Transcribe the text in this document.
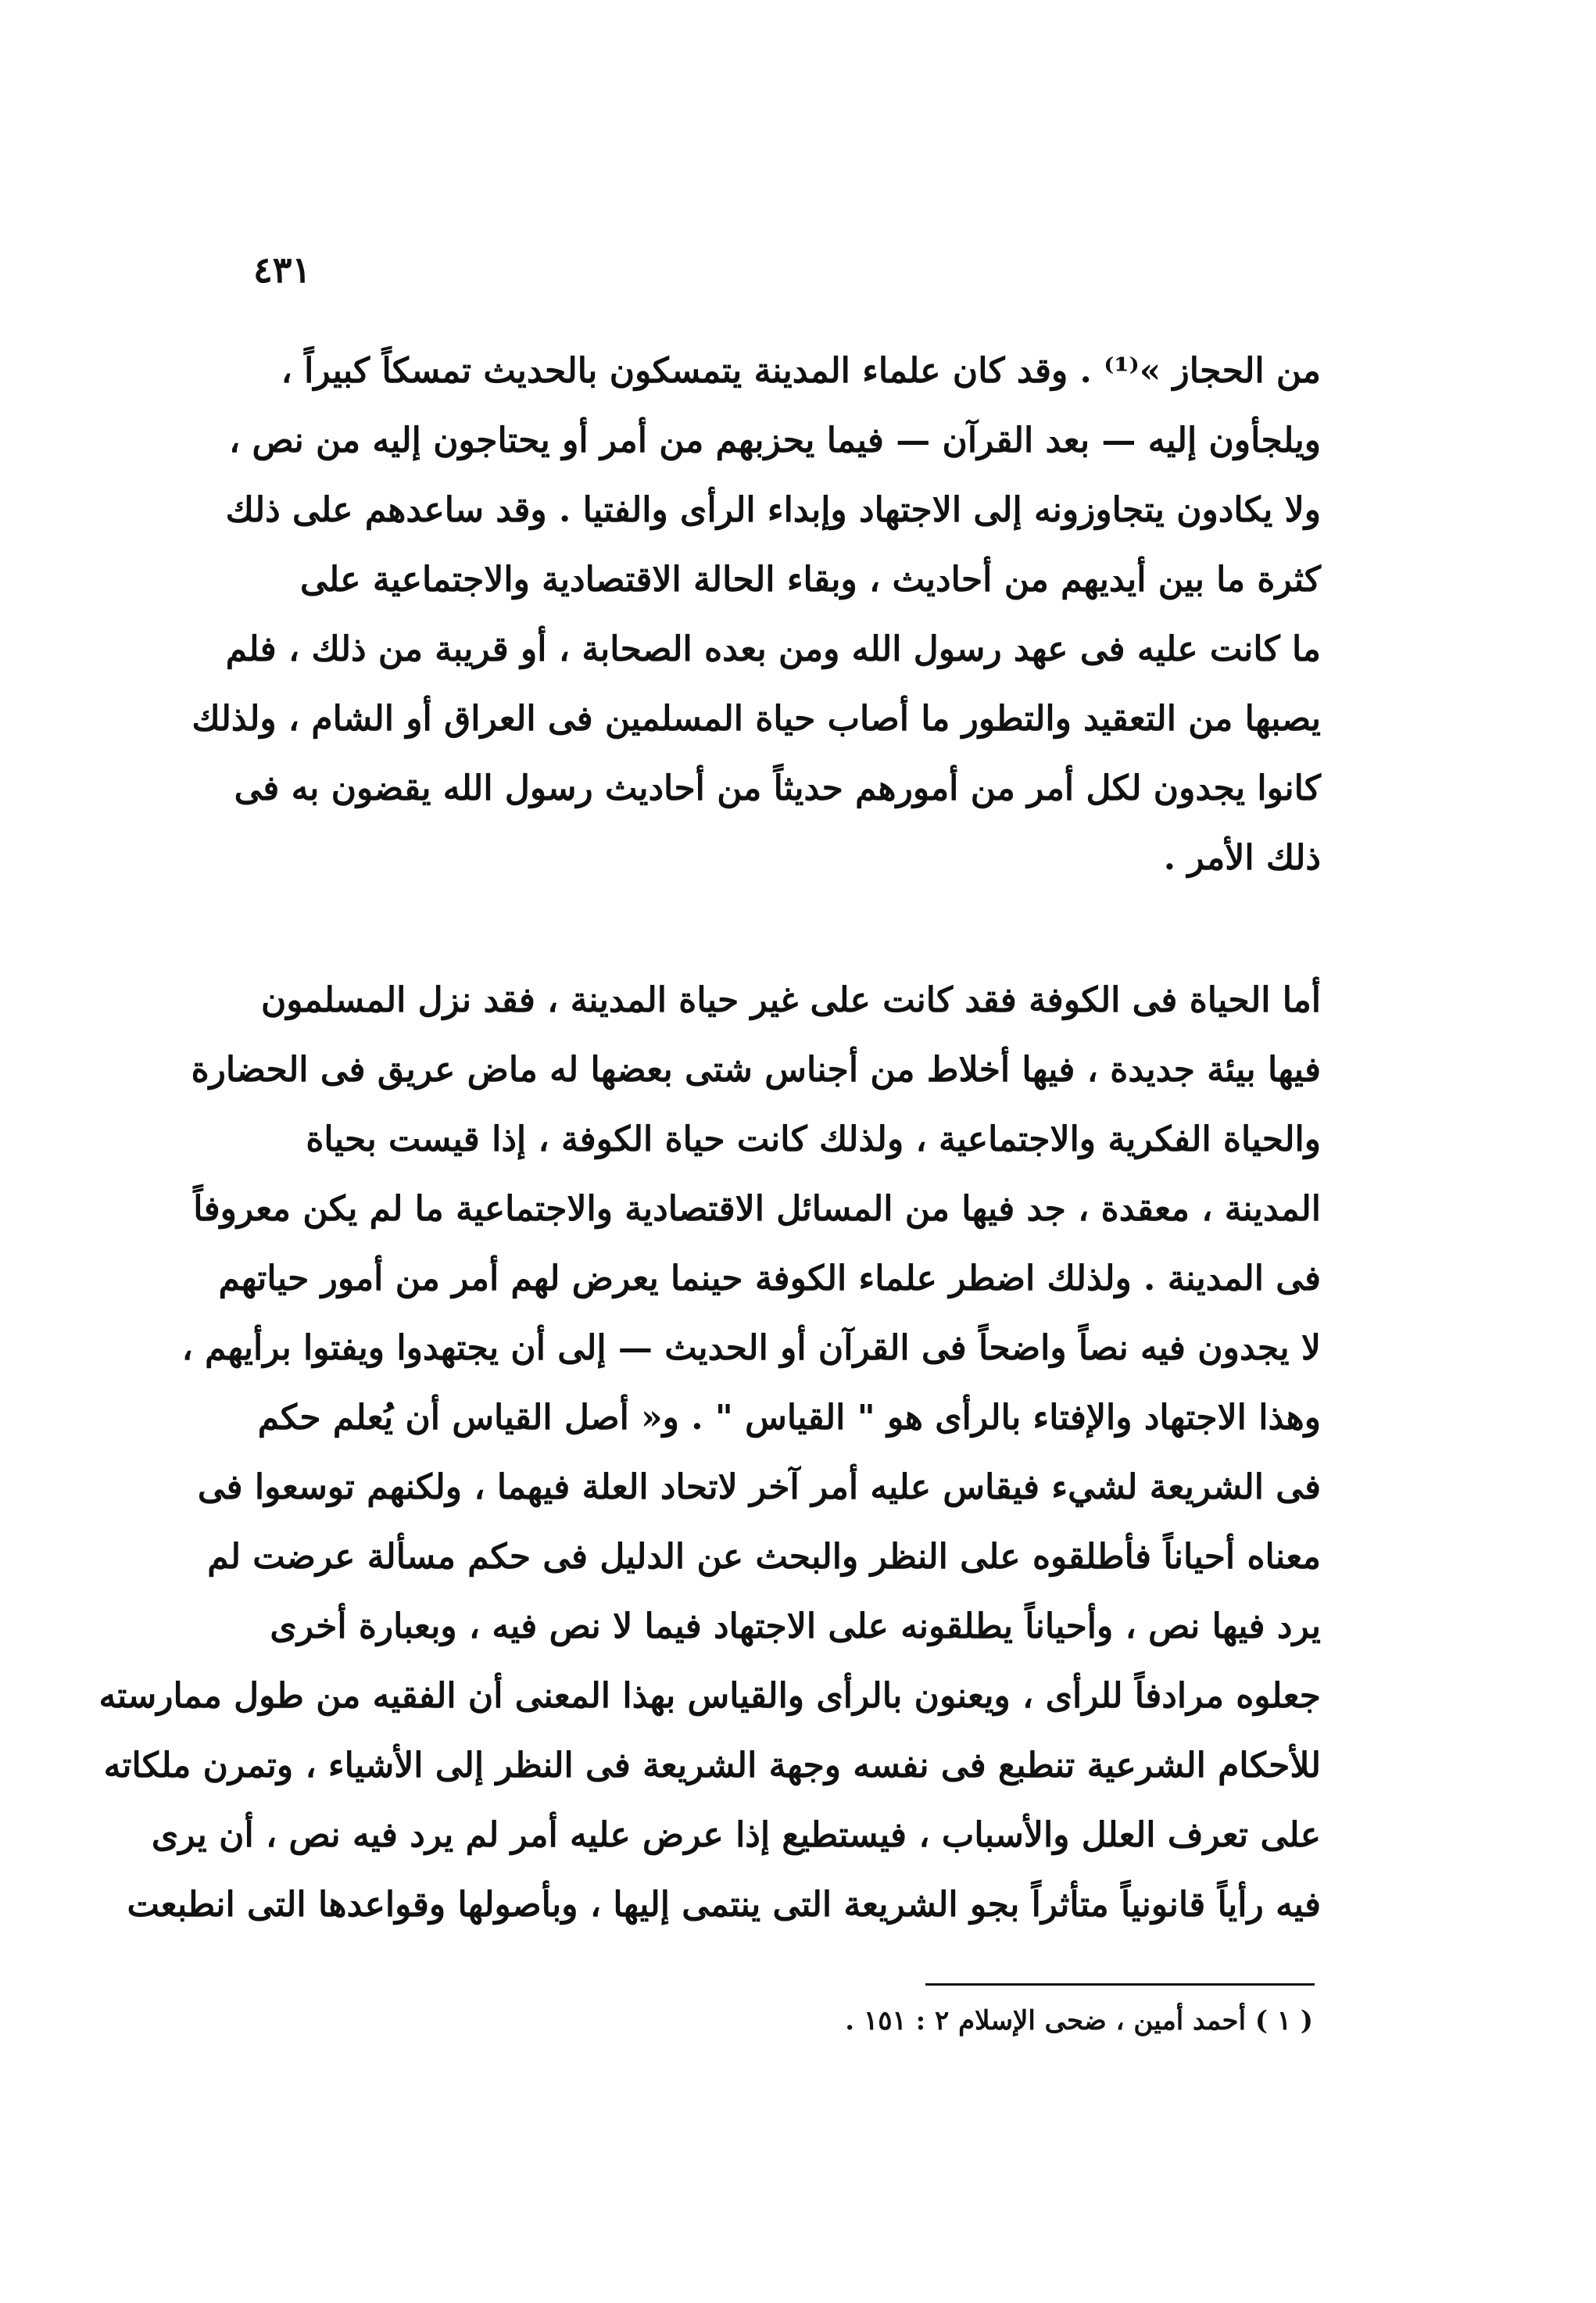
٤٣١
من الحجاز »⁽¹⁾ . وقد كان علماء المدينة يتمسكون بالحديث تمسكاً كبيراً ،
ويلجأون إليه — بعد القرآن — فيما يحزبهم من أمر أو يحتاجون إليه من نص ،
ولا يكادون يتجاوزونه إلى الاجتهاد وإبداء الرأى والفتيا . وقد ساعدهم على ذلك
كثرة ما بين أيديهم من أحاديث ، وبقاء الحالة الاقتصادية والاجتماعية على
ما كانت عليه فى عهد رسول الله ومن بعده الصحابة ، أو قريبة من ذلك ، فلم
يصبها من التعقيد والتطور ما أصاب حياة المسلمين فى العراق أو الشام ، ولذلك
كانوا يجدون لكل أمر من أمورهم حديثاً من أحاديث رسول الله يقضون به فى
ذلك الأمر .
أما الحياة فى الكوفة فقد كانت على غير حياة المدينة ، فقد نزل المسلمون
فيها بيئة جديدة ، فيها أخلاط من أجناس شتى بعضها له ماض عريق فى الحضارة
والحياة الفكرية والاجتماعية ، ولذلك كانت حياة الكوفة ، إذا قيست بحياة
المدينة ، معقدة ، جد فيها من المسائل الاقتصادية والاجتماعية ما لم يكن معروفاً
فى المدينة . ولذلك اضطر علماء الكوفة حينما يعرض لهم أمر من أمور حياتهم
لا يجدون فيه نصاً واضحاً فى القرآن أو الحديث — إلى أن يجتهدوا ويفتوا برأيهم ،
وهذا الاجتهاد والإفتاء بالرأى هو " القياس " . و« أصل القياس أن يُعلم حكم
فى الشريعة لشيء فيقاس عليه أمر آخر لاتحاد العلة فيهما ، ولكنهم توسعوا فى
معناه أحياناً فأطلقوه على النظر والبحث عن الدليل فى حكم مسألة عرضت لم
يرد فيها نص ، وأحياناً يطلقونه على الاجتهاد فيما لا نص فيه ، وبعبارة أخرى
جعلوه مرادفاً للرأى ، ويعنون بالرأى والقياس بهذا المعنى أن الفقيه من طول ممارسته
للأحكام الشرعية تنطبع فى نفسه وجهة الشريعة فى النظر إلى الأشياء ، وتمرن ملكاته
على تعرف العلل والأسباب ، فيستطيع إذا عرض عليه أمر لم يرد فيه نص ، أن يرى
فيه رأياً قانونياً متأثراً بجو الشريعة التى ينتمى إليها ، وبأصولها وقواعدها التى انطبعت
( ١ ) أحمد أمين ، ضحى الإسلام ٢ : ١٥١ .
